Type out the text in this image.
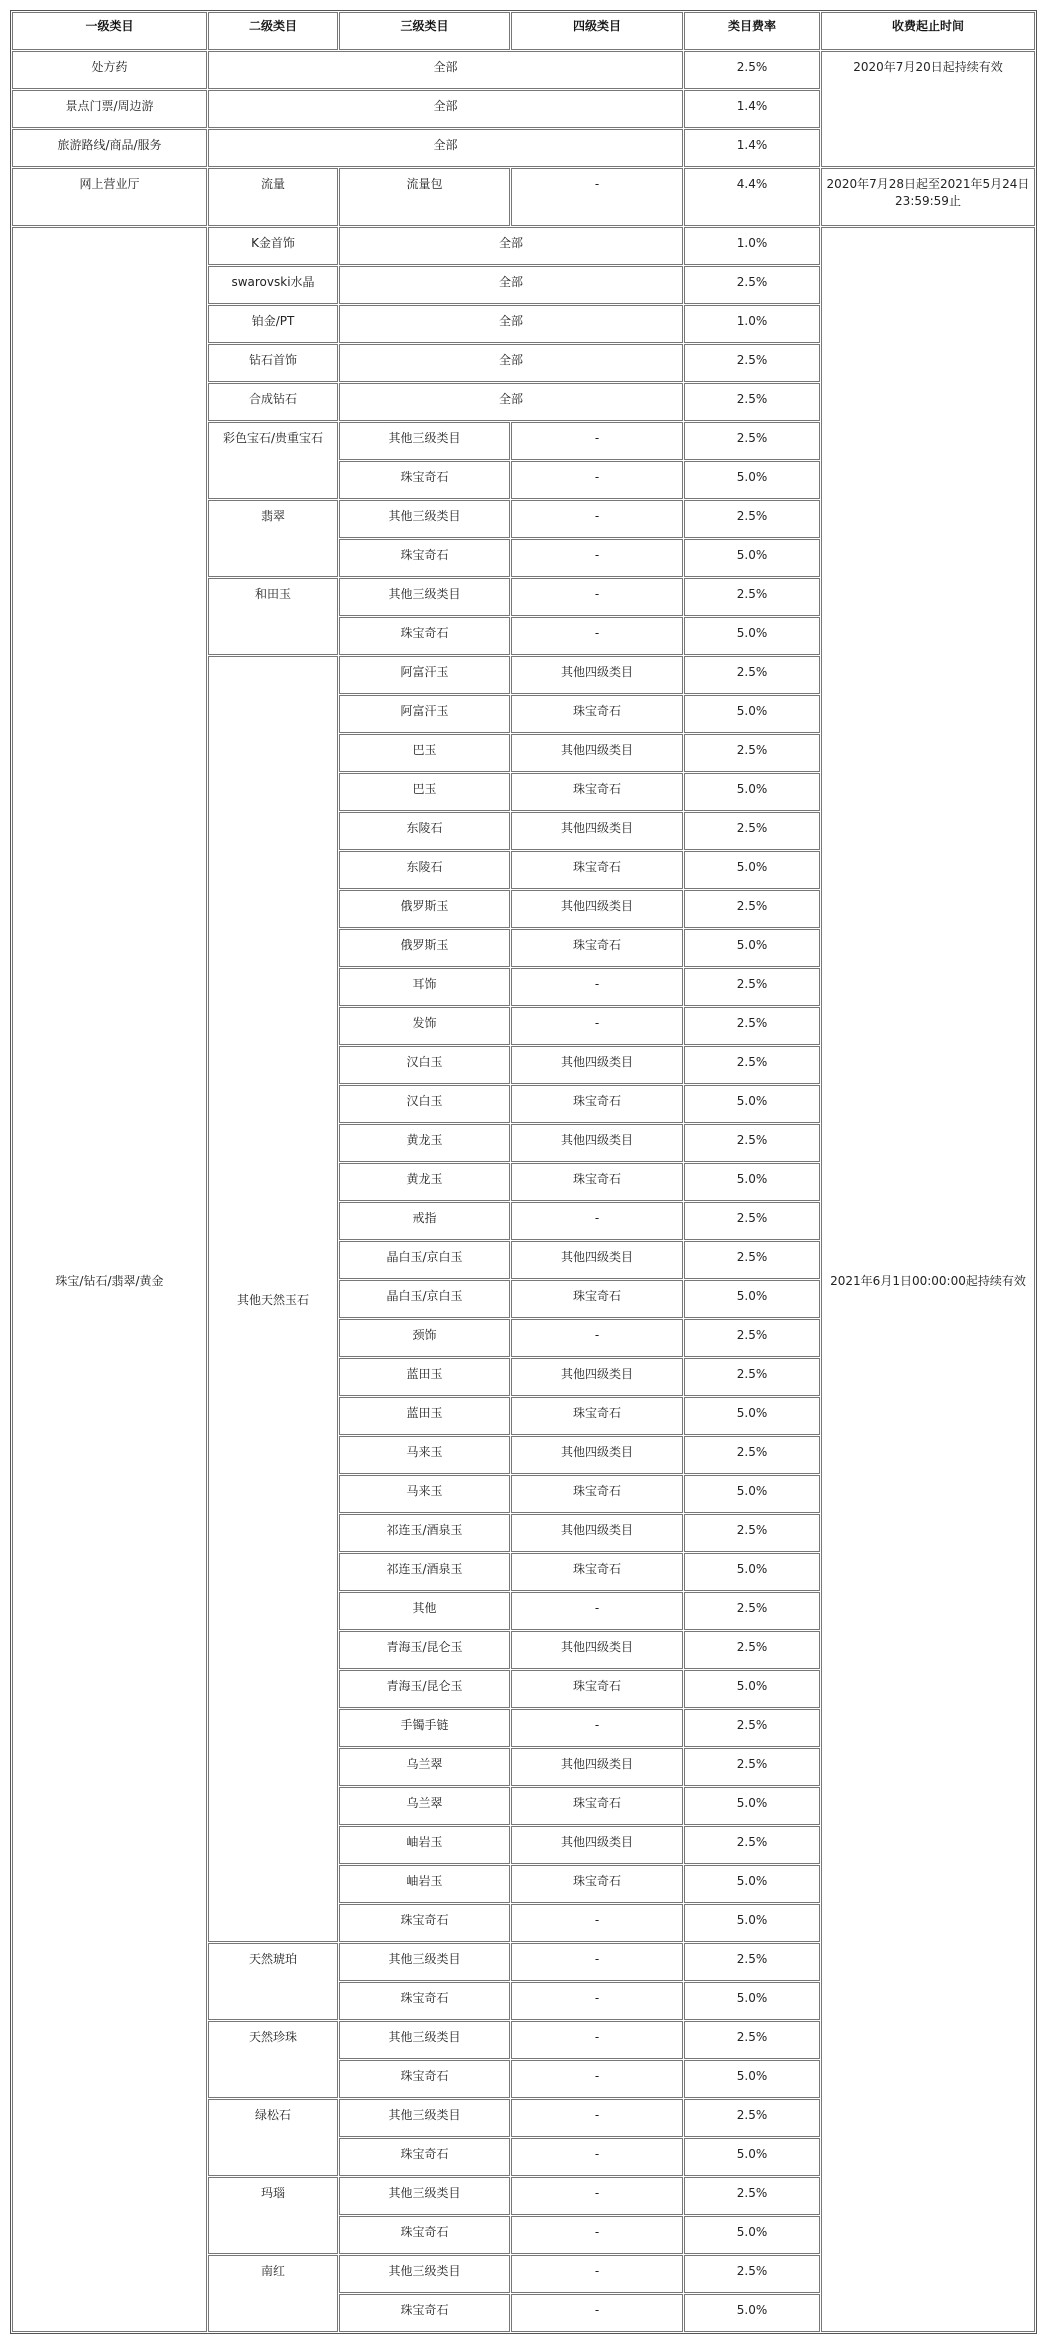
一级类目	二级类目	三级类目	四级类目	类目费率	收费起止时间
处方药	全部			2.5%	2020年7月20日起持续有效
景点门票/周边游	全部			1.4%	
旅游路线/商品/服务	全部			1.4%	
网上营业厅	流量	流量包	-	4.4%	2020年7月28日起至2021年5月24日 23:59:59止
珠宝/钻石/翡翠/黄金	K金首饰	全部		1.0%	2021年6月1日00:00:00起持续有效
	swarovski水晶	全部		2.5%	
	铂金/PT	全部		1.0%	
	钻石首饰	全部		2.5%	
	合成钻石	全部		2.5%	
	彩色宝石/贵重宝石	其他三级类目	-	2.5%	
		珠宝奇石	-	5.0%	
	翡翠	其他三级类目	-	2.5%	
		珠宝奇石	-	5.0%	
	和田玉	其他三级类目	-	2.5%	
		珠宝奇石	-	5.0%	
	其他天然玉石	阿富汗玉	其他四级类目	2.5%	
		阿富汗玉	珠宝奇石	5.0%	
		巴玉	其他四级类目	2.5%	
		巴玉	珠宝奇石	5.0%	
		东陵石	其他四级类目	2.5%	
		东陵石	珠宝奇石	5.0%	
		俄罗斯玉	其他四级类目	2.5%	
		俄罗斯玉	珠宝奇石	5.0%	
		耳饰	-	2.5%	
		发饰	-	2.5%	
		汉白玉	其他四级类目	2.5%	
		汉白玉	珠宝奇石	5.0%	
		黄龙玉	其他四级类目	2.5%	
		黄龙玉	珠宝奇石	5.0%	
		戒指	-	2.5%	
		晶白玉/京白玉	其他四级类目	2.5%	
		晶白玉/京白玉	珠宝奇石	5.0%	
		颈饰	-	2.5%	
		蓝田玉	其他四级类目	2.5%	
		蓝田玉	珠宝奇石	5.0%	
		马来玉	其他四级类目	2.5%	
		马来玉	珠宝奇石	5.0%	
		祁连玉/酒泉玉	其他四级类目	2.5%	
		祁连玉/酒泉玉	珠宝奇石	5.0%	
		其他	-	2.5%	
		青海玉/昆仑玉	其他四级类目	2.5%	
		青海玉/昆仑玉	珠宝奇石	5.0%	
		手镯手链	-	2.5%	
		乌兰翠	其他四级类目	2.5%	
		乌兰翠	珠宝奇石	5.0%	
		岫岩玉	其他四级类目	2.5%	
		岫岩玉	珠宝奇石	5.0%	
		珠宝奇石	-	5.0%	
	天然琥珀	其他三级类目	-	2.5%	
		珠宝奇石	-	5.0%	
	天然珍珠	其他三级类目	-	2.5%	
		珠宝奇石	-	5.0%	
	绿松石	其他三级类目	-	2.5%	
		珠宝奇石	-	5.0%	
	玛瑙	其他三级类目	-	2.5%	
		珠宝奇石	-	5.0%	
	南红	其他三级类目	-	2.5%	
		珠宝奇石	-	5.0%	
